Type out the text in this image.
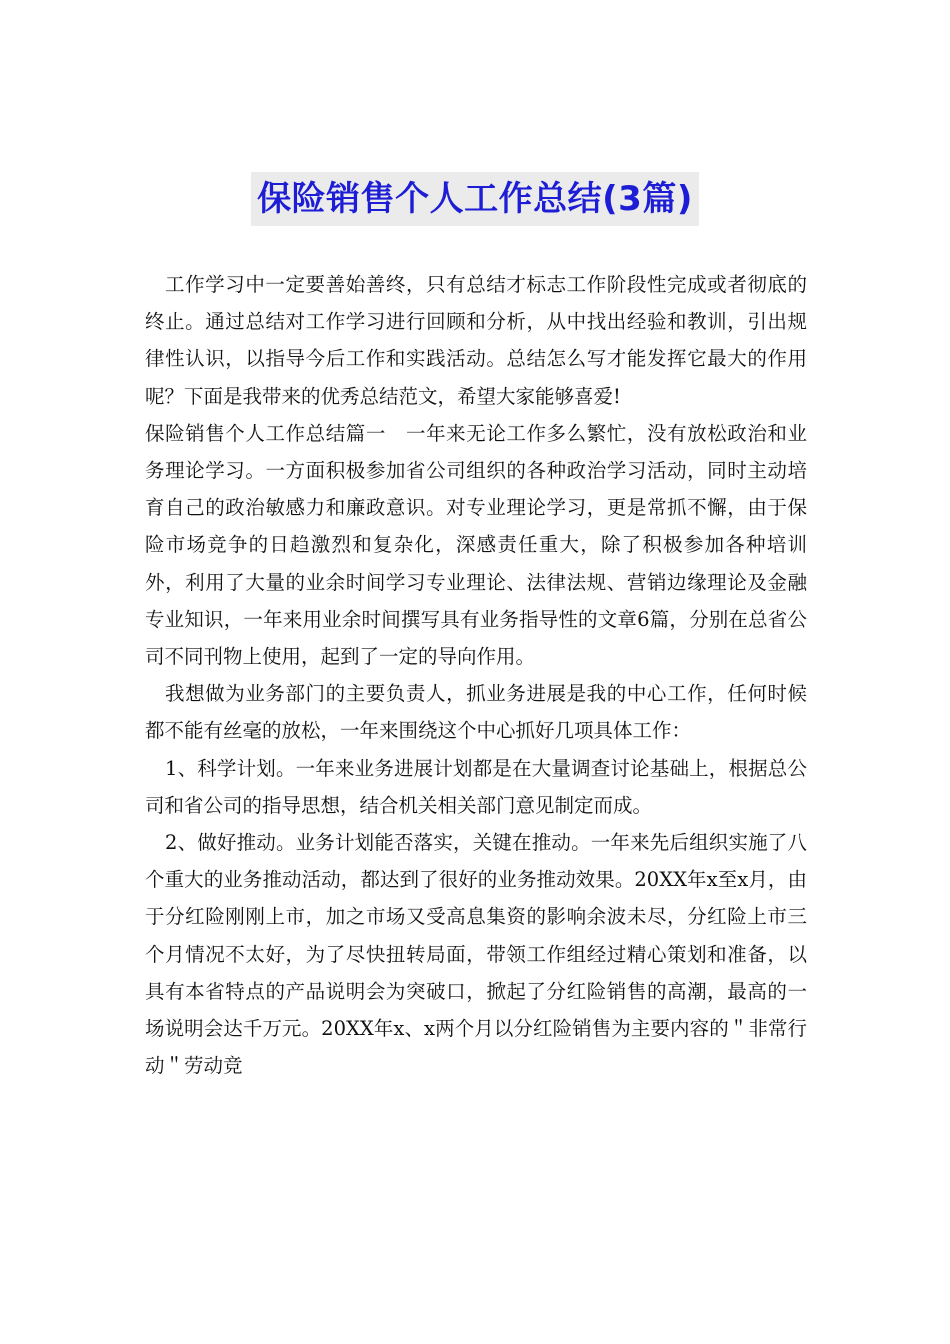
保险销售个人工作总结(3篇)

工作学习中一定要善始善终，只有总结才标志工作阶段性完成或者彻底的终止。通过总结对工作学习进行回顾和分析，从中找出经验和教训，引出规律性认识，以指导今后工作和实践活动。总结怎么写才能发挥它最大的作用呢？下面是我带来的优秀总结范文，希望大家能够喜爱!

保险销售个人工作总结篇一　一年来无论工作多么繁忙，没有放松政治和业务理论学习。一方面积极参加省公司组织的各种政治学习活动，同时主动培育自己的政治敏感力和廉政意识。对专业理论学习，更是常抓不懈，由于保险市场竞争的日趋激烈和复杂化，深感责任重大，除了积极参加各种培训外，利用了大量的业余时间学习专业理论、法律法规、营销边缘理论及金融专业知识，一年来用业余时间撰写具有业务指导性的文章6篇，分别在总省公司不同刊物上使用，起到了一定的导向作用。

我想做为业务部门的主要负责人，抓业务进展是我的中心工作，任何时候都不能有丝毫的放松，一年来围绕这个中心抓好几项具体工作：

1、科学计划。一年来业务进展计划都是在大量调查讨论基础上，根据总公司和省公司的指导思想，结合机关相关部门意见制定而成。

2、做好推动。业务计划能否落实，关键在推动。一年来先后组织实施了八个重大的业务推动活动，都达到了很好的业务推动效果。20XX年x至x月，由于分红险刚刚上市，加之市场又受高息集资的影响余波未尽，分红险上市三个月情况不太好，为了尽快扭转局面，带领工作组经过精心策划和准备，以具有本省特点的产品说明会为突破口，掀起了分红险销售的高潮，最高的一场说明会达千万元。20XX年x、x两个月以分红险销售为主要内容的＂非常行动＂劳动竞
